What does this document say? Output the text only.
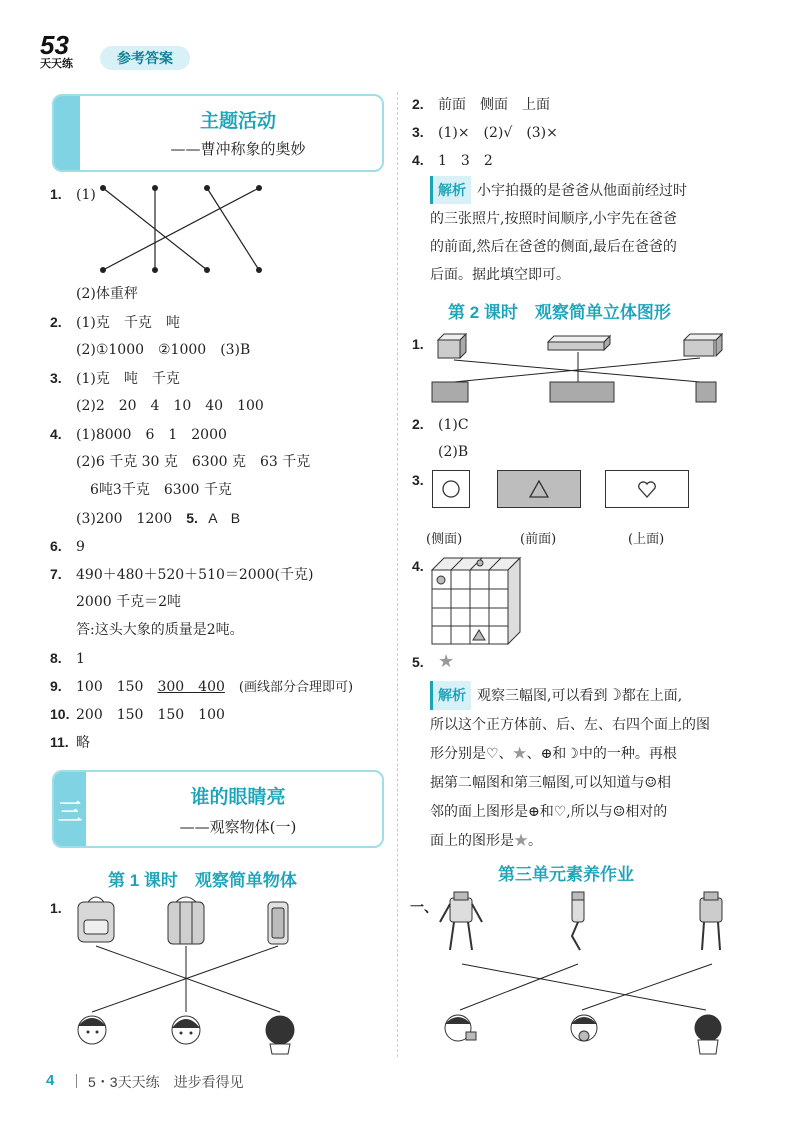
53
天天练	参考答案
主题活动
——曹冲称象的奥妙
1. (1)
(2)体重秤
2. (1)克　千克　吨
(2)①1000　②1000　(3)B
3. (1)克　吨　千克
(2)2　20　4　10　40　100
4. (1)8000　6　1　2000
(2)6 千克 30 克　6300 克　63 千克
　6吨3千克　6300 千克
(3)200　1200　 5. A　B
6. 9
7. 490＋480＋520＋510＝2000(千克)
2000 千克＝2吨
答:这头大象的质量是2吨。
8. 1
9. 100　150　 300　400　 (画线部分合理即可)
10. 200　150　150　100
11. 略
三
谁的眼睛亮
——观察物体(一)
第 1 课时　观察简单物体
1.
2. 前面　侧面　上面
3. (1)×　(2)√　(3)×
4. 1　3　2
解析 小宇拍摄的是爸爸从他面前经过时
的三张照片,按照时间顺序,小宇先在爸爸
的前面,然后在爸爸的侧面,最后在爸爸的
后面。据此填空即可。
第 2 课时　观察简单立体图形
1.
2. (1)C
(2)B
3.
(侧面)	(前面)	(上面)
4.
5. ★
解析 观察三幅图,可以看到☽都在上面,
所以这个正方体前、后、左、右四个面上的图
形分别是♡、★、⊕和☽中的一种。再根
据第二幅图和第三幅图,可以知道与☺相
邻的面上图形是⊕和♡,所以与☺相对的
面上的图形是★。
第三单元素养作业
一、
4 5・3天天练　进步看得见
